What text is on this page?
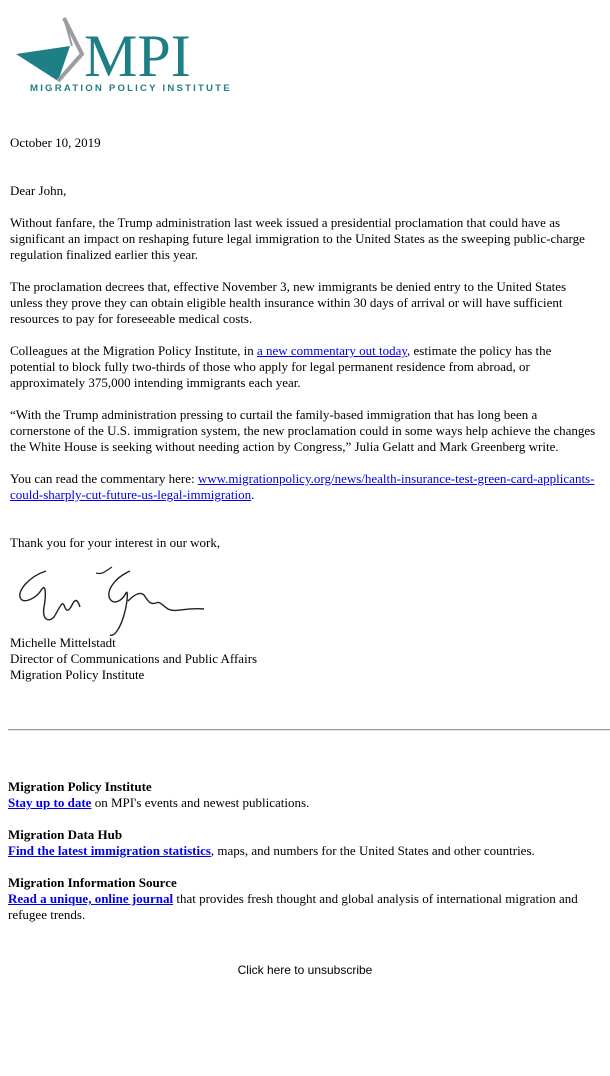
MPI
MIGRATION POLICY INSTITUTE

October 10, 2019

Dear John,

Without fanfare, the Trump administration last week issued a presidential proclamation that could have as significant an impact on reshaping future legal immigration to the United States as the sweeping public-charge regulation finalized earlier this year.

The proclamation decrees that, effective November 3, new immigrants be denied entry to the United States unless they prove they can obtain eligible health insurance within 30 days of arrival or will have sufficient resources to pay for foreseeable medical costs.

Colleagues at the Migration Policy Institute, in a new commentary out today, estimate the policy has the potential to block fully two-thirds of those who apply for legal permanent residence from abroad, or approximately 375,000 intending immigrants each year.

“With the Trump administration pressing to curtail the family-based immigration that has long been a cornerstone of the U.S. immigration system, the new proclamation could in some ways help achieve the changes the White House is seeking without needing action by Congress,” Julia Gelatt and Mark Greenberg write.

You can read the commentary here: www.migrationpolicy.org/news/health-insurance-test-green-card-applicants-could-sharply-cut-future-us-legal-immigration.

Thank you for your interest in our work,

Michelle Mittelstadt
Director of Communications and Public Affairs
Migration Policy Institute
Migration Policy Institute
Stay up to date on MPI's events and newest publications.
Migration Data Hub
Find the latest immigration statistics, maps, and numbers for the United States and other countries.
Migration Information Source
Read a unique, online journal that provides fresh thought and global analysis of international migration and refugee trends.
Click here to unsubscribe
